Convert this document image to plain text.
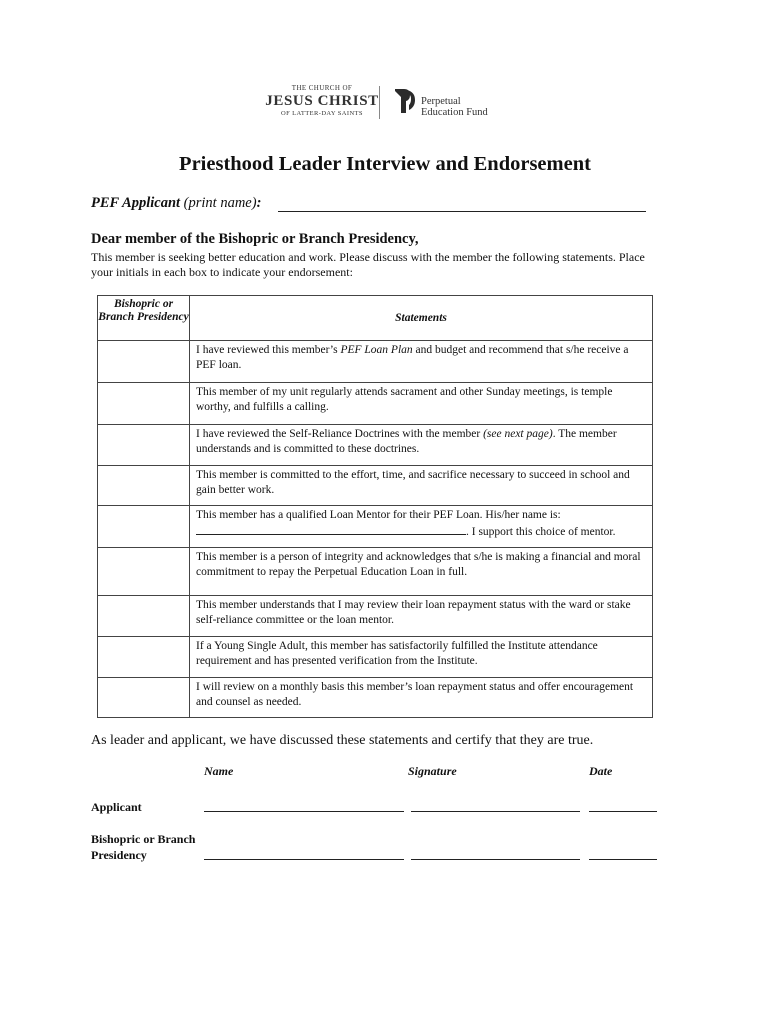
THE CHURCH OF
JESUS CHRIST
OF LATTER-DAY SAINTS
Perpetual
Education Fund
Priesthood Leader Interview and Endorsement
PEF Applicant (print name):
Dear member of the Bishopric or Branch Presidency,
This member is seeking better education and work. Please discuss with the member the following statements. Place your initials in each box to indicate your endorsement:
Bishopric or Branch Presidency	Statements
	I have reviewed this member’s PEF Loan Plan and budget and recommend that s/he receive a PEF loan.
	This member of my unit regularly attends sacrament and other Sunday meetings, is temple worthy, and fulfills a calling.
	I have reviewed the Self-Reliance Doctrines with the member (see next page). The member understands and is committed to these doctrines.
	This member is committed to the effort, time, and sacrifice necessary to succeed in school and gain better work.
	This member has a qualified Loan Mentor for their PEF Loan. His/her name is:
. I support this choice of mentor.
	This member is a person of integrity and acknowledges that s/he is making a financial and moral commitment to repay the Perpetual Education Loan in full.
	This member understands that I may review their loan repayment status with the ward or stake self-reliance committee or the loan mentor.
	If a Young Single Adult, this member has satisfactorily fulfilled the Institute attendance requirement and has presented verification from the Institute.
	I will review on a monthly basis this member’s loan repayment status and offer encouragement and counsel as needed.
As leader and applicant, we have discussed these statements and certify that they are true.
Name	Signature	Date
Applicant
Bishopric or Branch
Presidency
